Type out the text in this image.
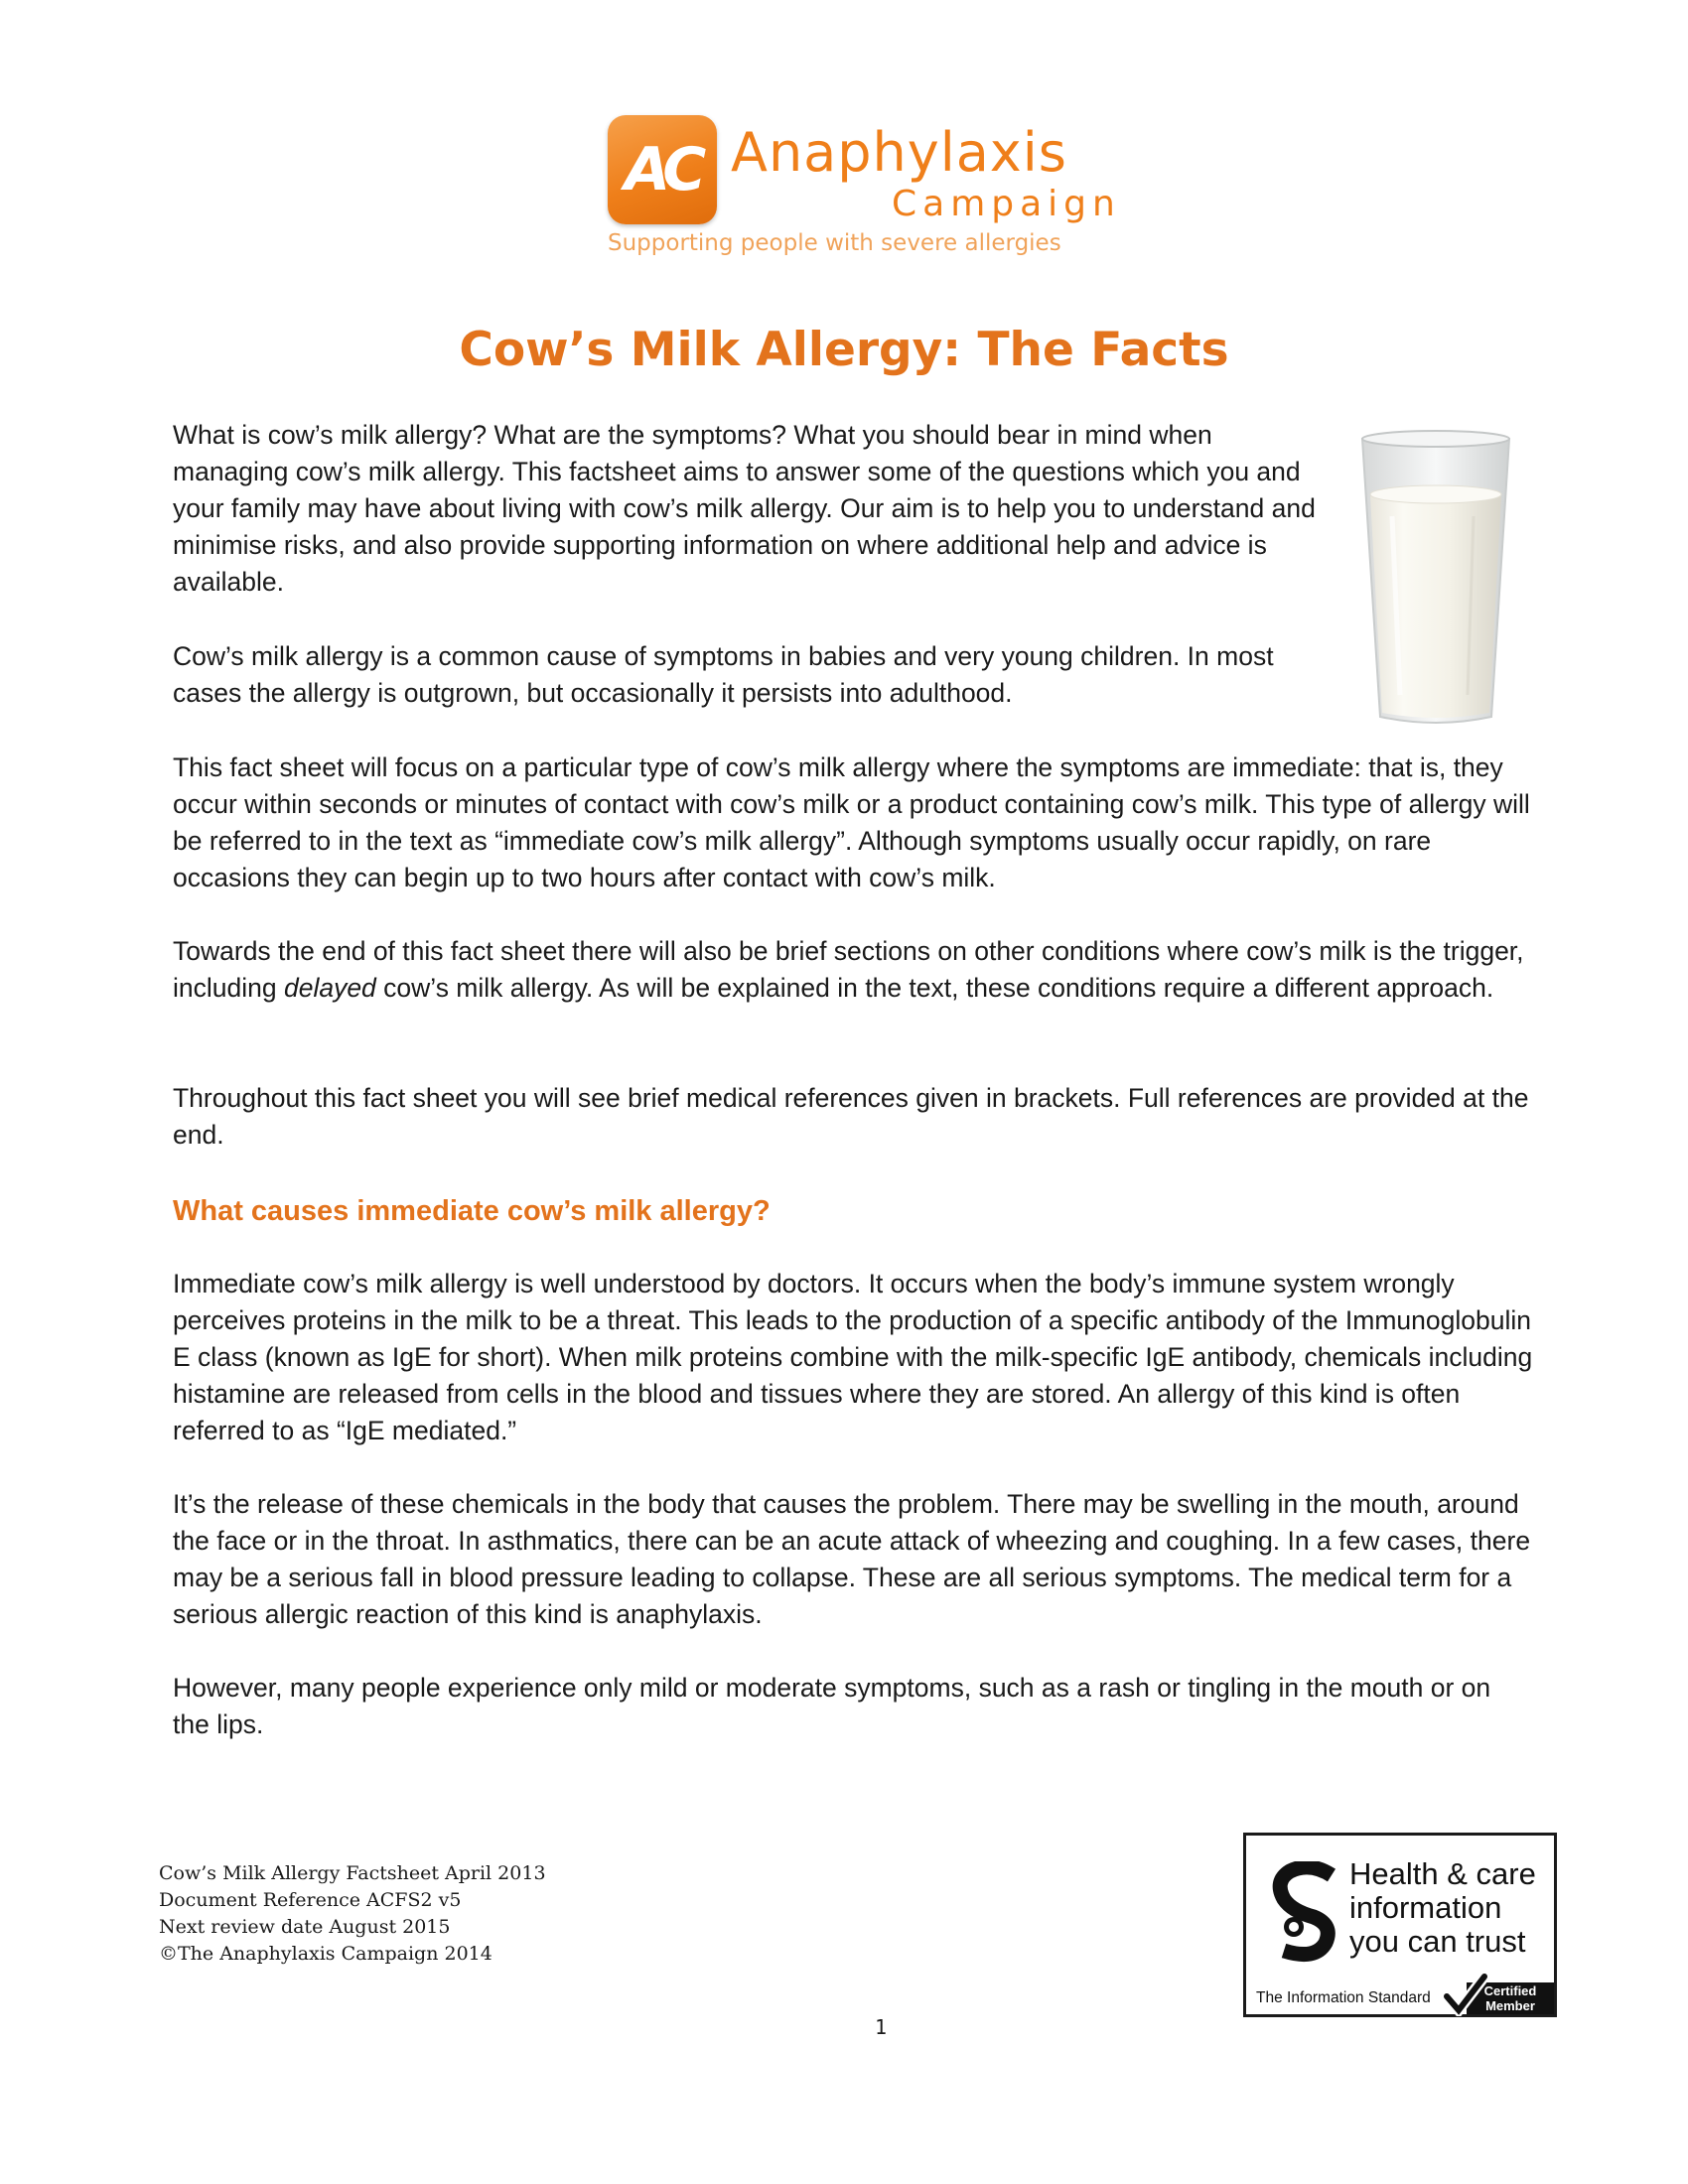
AC Anaphylaxis
Campaign
Supporting people with severe allergies
Cow’s Milk Allergy: The Facts

What is cow’s milk allergy? What are the symptoms? What you should bear in mind when managing cow’s milk allergy. This factsheet aims to answer some of the questions which you and your family may have about living with cow’s milk allergy. Our aim is to help you to understand and minimise risks, and also provide supporting information on where additional help and advice is available.

Cow’s milk allergy is a common cause of symptoms in babies and very young children. In most cases the allergy is outgrown, but occasionally it persists into adulthood.

This fact sheet will focus on a particular type of cow’s milk allergy where the symptoms are immediate: that is, they occur within seconds or minutes of contact with cow’s milk or a product containing cow’s milk. This type of allergy will be referred to in the text as “immediate cow’s milk allergy”. Although symptoms usually occur rapidly, on rare occasions they can begin up to two hours after contact with cow’s milk.

Towards the end of this fact sheet there will also be brief sections on other conditions where cow’s milk is the trigger, including delayed cow’s milk allergy. As will be explained in the text, these conditions require a different approach.

Throughout this fact sheet you will see brief medical references given in brackets. Full references are provided at the end.

What causes immediate cow’s milk allergy?

Immediate cow’s milk allergy is well understood by doctors. It occurs when the body’s immune system wrongly perceives proteins in the milk to be a threat. This leads to the production of a specific antibody of the Immunoglobulin E class (known as IgE for short). When milk proteins combine with the milk-specific IgE antibody, chemicals including histamine are released from cells in the blood and tissues where they are stored. An allergy of this kind is often referred to as “IgE mediated.”

It’s the release of these chemicals in the body that causes the problem. There may be swelling in the mouth, around the face or in the throat. In asthmatics, there can be an acute attack of wheezing and coughing. In a few cases, there may be a serious fall in blood pressure leading to collapse. These are all serious symptoms. The medical term for a serious allergic reaction of this kind is anaphylaxis.

However, many people experience only mild or moderate symptoms, such as a rash or tingling in the mouth or on the lips.

Cow’s Milk Allergy Factsheet April 2013
Document Reference ACFS2 v5
Next review date August 2015
©The Anaphylaxis Campaign 2014
Health & care
information
you can trust
The Information Standard	Certified
Member
1
